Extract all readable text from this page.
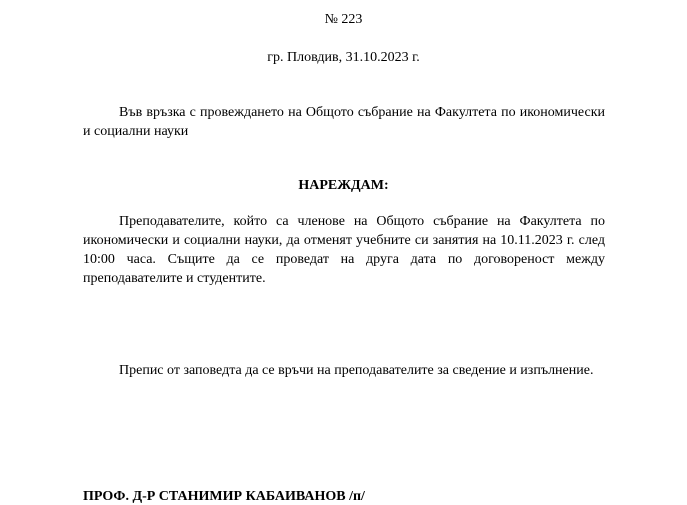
№ 223
гр. Пловдив, 31.10.2023 г.

Във връзка с провеждането на Общото събрание на Факултета по икономически и социални науки

НАРЕЖДАМ:

Преподавателите, който са членове на Общото събрание на Факултета по икономически и социални науки, да отменят учебните си занятия на 10.11.2023 г. след 10:00 часа. Същите да се проведат на друга дата по договореност между преподавателите и студентите.

Препис от заповедта да се връчи на преподавателите за сведение и изпълнение.

ПРОФ. Д-Р СТАНИМИР КАБАИВАНОВ /п/
